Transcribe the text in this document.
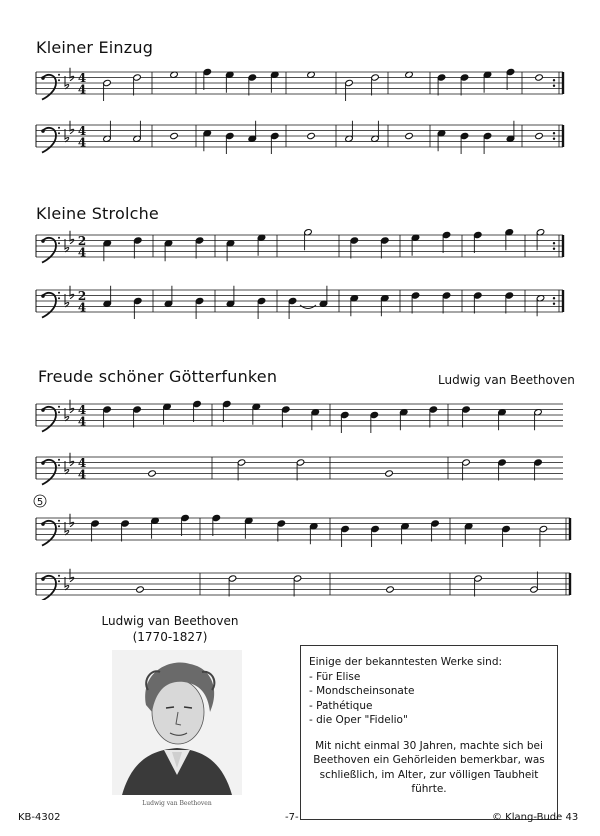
Kleiner Einzug
Kleine Strolche
Freude schöner Götterfunken	Ludwig van Beethoven
4
4
4
4
2
4
2
4
4
4
4
4
5
Ludwig van Beethoven
(1770-1827)
Ludwig van Beethoven

Einige der bekanntesten Werke sind:

- Für Elise
- Mondscheinsonate
- Pathétique
- die Oper "Fidelio"

Mit nicht einmal 30 Jahren, machte sich bei Beethoven ein Gehörleiden bemerkbar, was schließlich, im Alter, zur völligen Taubheit führte.

KB-4302	-7-	© Klang-Bude 43
